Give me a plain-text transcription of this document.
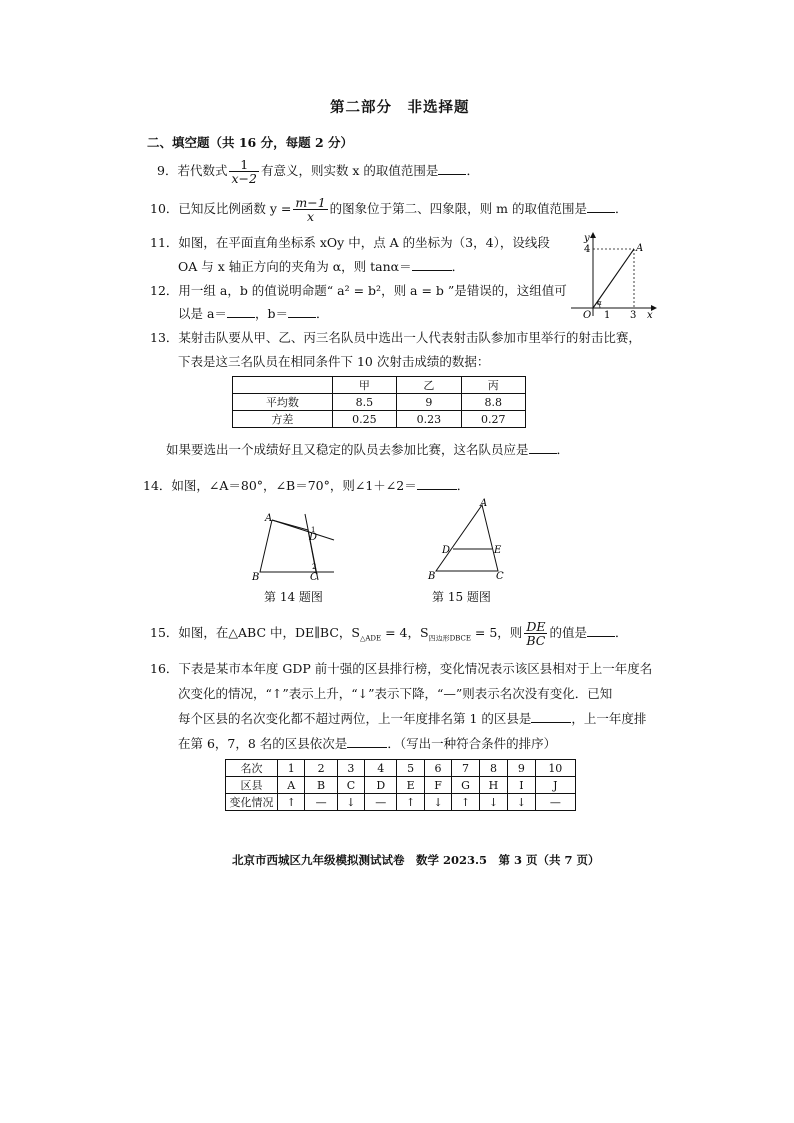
第二部分　非选择题
二、填空题（共 16 分，每题 2 分）
9．若代数式 $\frac{1}{x-2}$ 有意义，则实数 x 的取值范围是 ．
10．已知反比例函数 $y = \frac{m-1}{x}$ 的图象位于第二、四象限，则 m 的取值范围是 ．
11．如图，在平面直角坐标系 xOy 中，点 A 的坐标为（3，4），设线段
OA 与 x 轴正方向的夹角为 α，则 tanα＝	．
12．用一组 a，b 的值说明命题“ a² = b²，则 a = b ”是错误的，这组值可
以是 a＝ ，b＝ ．
y
x
O
A
4
1 3
α
13．某射击队要从甲、乙、丙三名队员中选出一人代表射击队参加市里举行的射击比赛，
下表是这三名队员在相同条件下 10 次射击成绩的数据：
	甲	乙	丙
平均数	8.5	9	8.8
方差	0.25	0.23	0.27
如果要选出一个成绩好且又稳定的队员去参加比赛，这名队员应是 ．
14．如图，∠A＝80°，∠B＝70°，则∠1＋∠2＝	．
A
B	C
D
1
2
第 14 题图
A
B	C
D	E
第 15 题图
15．如图，在△ABC 中，DE∥BC，$S_{\triangle ADE} = 4$，$S_{四边形DBCE} = 5$，则 $\frac{DE}{BC}$ 的值是 ．
16．下表是某市本年度 GDP 前十强的区县排行榜，变化情况表示该区县相对于上一年度名
次变化的情况，“↑”表示上升，“↓”表示下降，“—”则表示名次没有变化．已知
每个区县的名次变化都不超过两位，上一年度排名第 1 的区县是	，上一年度排
在第 6，7，8 名的区县依次是	．（写出一种符合条件的排序）
名次	1	2	3	4	5	6	7	8	9	10
区县	A	B	C	D	E	F	G	H	I	J
变化情况	↑	—	↓	—	↑	↓	↑	↓	↓	—
北京市西城区九年级模拟测试试卷　数学 2023.5　第 3 页（共 7 页）
